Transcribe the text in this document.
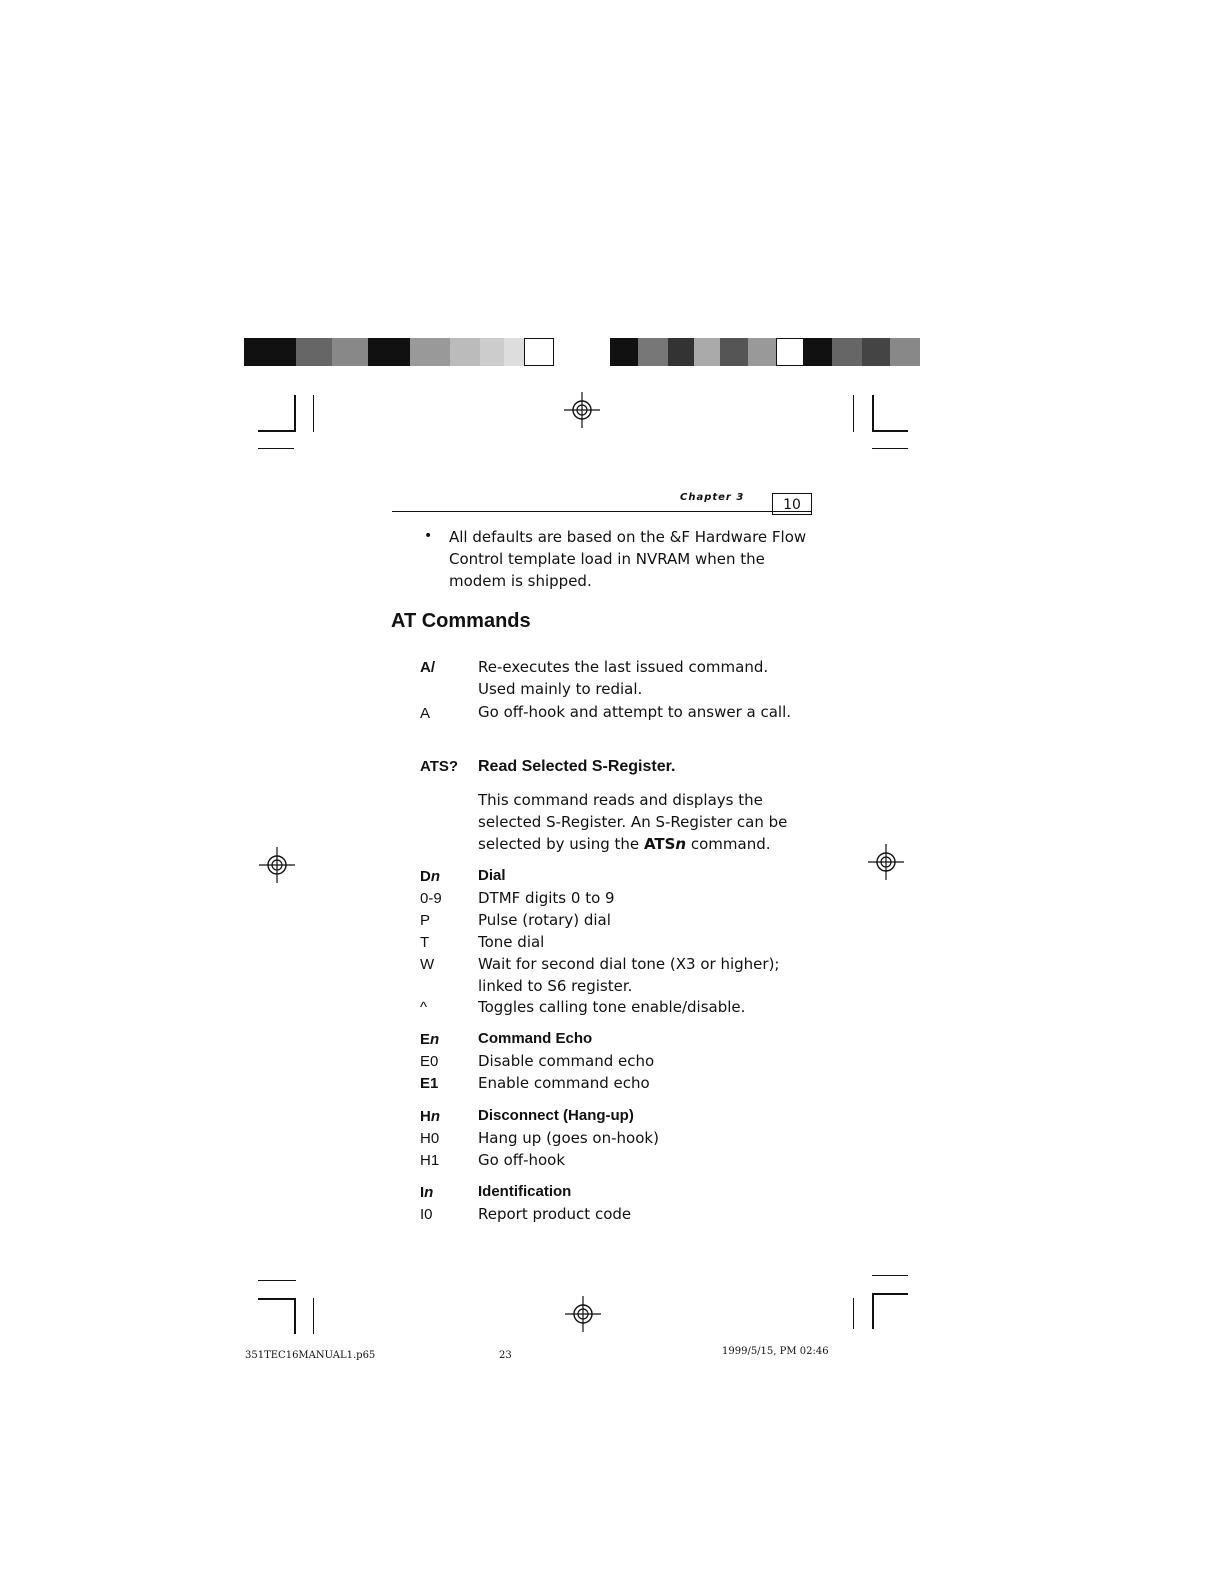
Chapter 3	10
• All defaults are based on the &F Hardware Flow Control template load in NVRAM when the modem is shipped.
AT Commands
A/	Re-executes the last issued command. Used mainly to redial.
A	Go off-hook and attempt to answer a call.
ATS? Read Selected S-Register.
This command reads and displays the selected S-Register. An S-Register can be selected by using the ATSn command.
Dn	Dial
0-9 DTMF digits 0 to 9
P	Pulse (rotary) dial
T	Tone dial
W	Wait for second dial tone (X3 or higher); linked to S6 register.
^	Toggles calling tone enable/disable.
En	Command Echo
E0	Disable command echo
E1	Enable command echo
Hn	Disconnect (Hang-up)
H0	Hang up (goes on-hook)
H1	Go off-hook
In	Identification
I0	Report product code
351TEC16MANUAL1.p65	23	1999/5/15, PM 02:46
